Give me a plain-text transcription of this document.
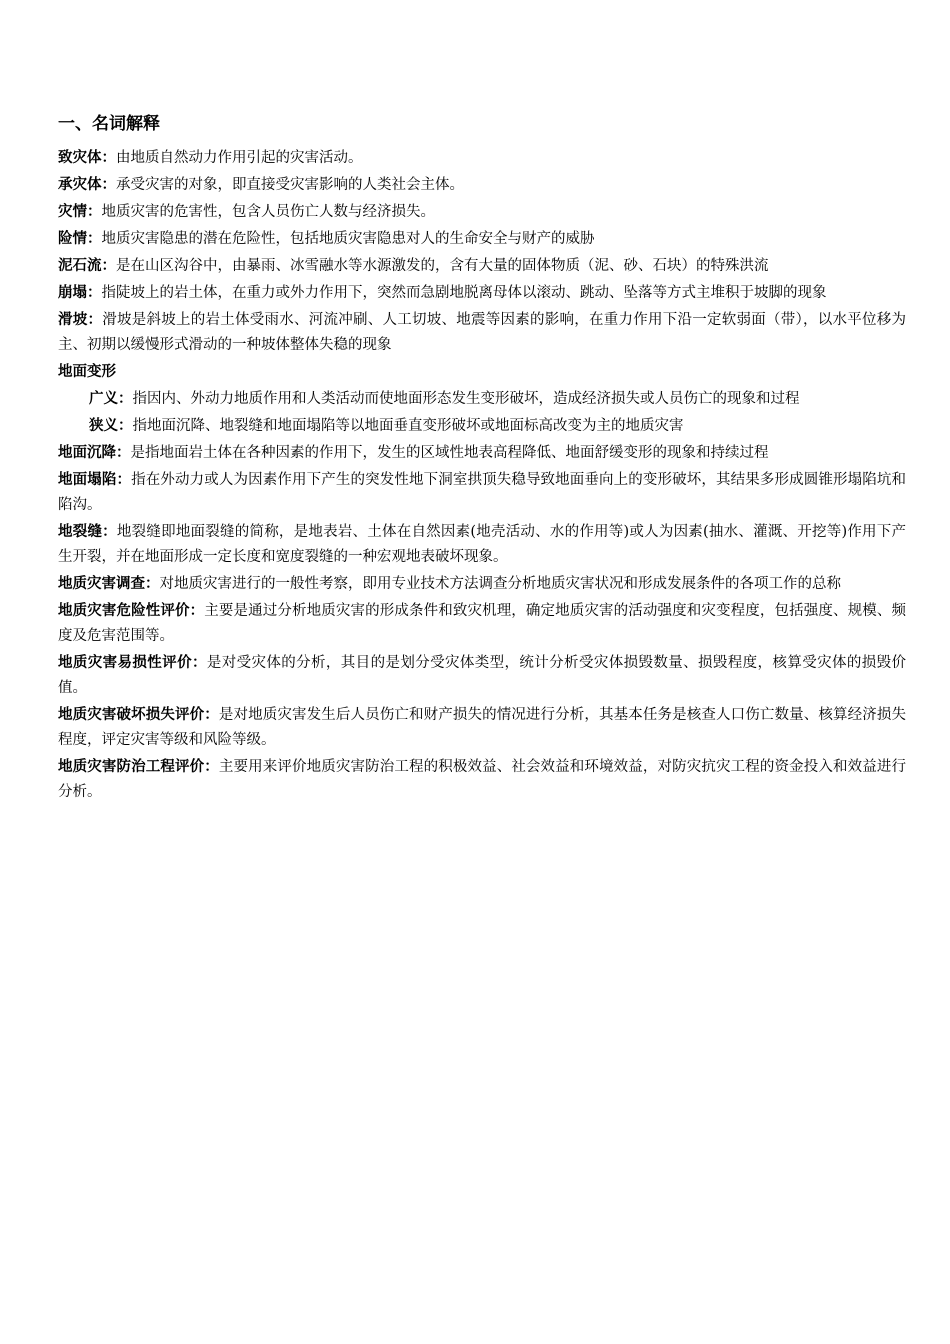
一、名词解释

致灾体：由地质自然动力作用引起的灾害活动。

承灾体：承受灾害的对象，即直接受灾害影响的人类社会主体。

灾情：地质灾害的危害性，包含人员伤亡人数与经济损失。

险情：地质灾害隐患的潜在危险性，包括地质灾害隐患对人的生命安全与财产的威胁

泥石流：是在山区沟谷中，由暴雨、冰雪融水等水源激发的，含有大量的固体物质（泥、砂、石块）的特殊洪流

崩塌：指陡坡上的岩土体，在重力或外力作用下，突然而急剧地脱离母体以滚动、跳动、坠落等方式主堆积于坡脚的现象

滑坡：滑坡是斜坡上的岩土体受雨水、河流冲刷、人工切坡、地震等因素的影响，在重力作用下沿一定软弱面（带），以水平位移为主、初期以缓慢形式滑动的一种坡体整体失稳的现象

地面变形

广义：指因内、外动力地质作用和人类活动而使地面形态发生变形破坏，造成经济损失或人员伤亡的现象和过程

狭义：指地面沉降、地裂缝和地面塌陷等以地面垂直变形破坏或地面标高改变为主的地质灾害

地面沉降：是指地面岩土体在各种因素的作用下，发生的区域性地表高程降低、地面舒缓变形的现象和持续过程

地面塌陷：指在外动力或人为因素作用下产生的突发性地下洞室拱顶失稳导致地面垂向上的变形破坏，其结果多形成圆锥形塌陷坑和陷沟。

地裂缝：地裂缝即地面裂缝的简称，是地表岩、土体在自然因素(地壳活动、水的作用等)或人为因素(抽水、灌溉、开挖等)作用下产生开裂，并在地面形成一定长度和宽度裂缝的一种宏观地表破坏现象。

地质灾害调查：对地质灾害进行的一般性考察，即用专业技术方法调查分析地质灾害状况和形成发展条件的各项工作的总称

地质灾害危险性评价：主要是通过分析地质灾害的形成条件和致灾机理，确定地质灾害的活动强度和灾变程度，包括强度、规模、频度及危害范围等。

地质灾害易损性评价：是对受灾体的分析，其目的是划分受灾体类型，统计分析受灾体损毁数量、损毁程度，核算受灾体的损毁价值。

地质灾害破坏损失评价：是对地质灾害发生后人员伤亡和财产损失的情况进行分析，其基本任务是核查人口伤亡数量、核算经济损失程度，评定灾害等级和风险等级。

地质灾害防治工程评价：主要用来评价地质灾害防治工程的积极效益、社会效益和环境效益，对防灾抗灾工程的资金投入和效益进行分析。
